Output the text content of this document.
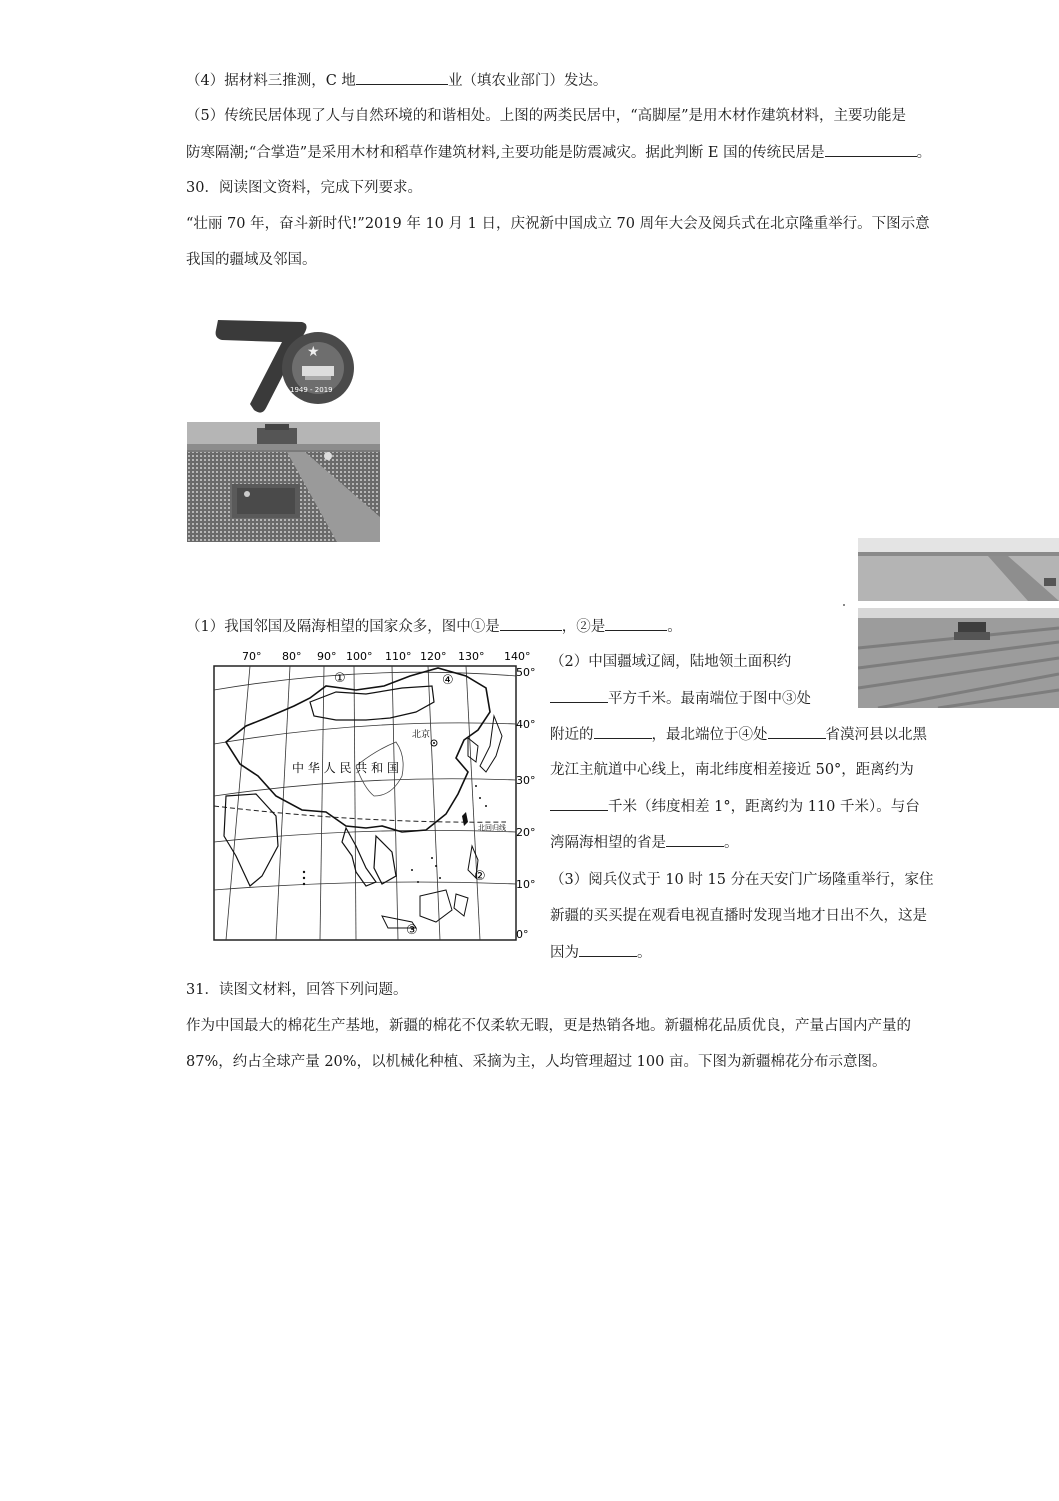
（4）据材料三推测，C 地	业（填农业部门）发达。
（5）传统民居体现了人与自然环境的和谐相处。上图的两类民居中，“高脚屋”是用木材作建筑材料，主要功能是
防寒隔潮;“合掌造”是采用木材和稻草作建筑材料,主要功能是防震减灾。据此判断 E 国的传统民居是	。
30．阅读图文资料，完成下列要求。
“壮丽 70 年，奋斗新时代!”2019 年 10 月 1 日，庆祝新中国成立 70 周年大会及阅兵式在北京隆重举行。下图示意
我国的疆域及邻国。
★
1949 - 2019
（1）我国邻国及隔海相望的国家众多，图中①是	，②是	。
70° 80° 90° 100° 110° 120° 130° 140°
50°
40°
30°
20°
10°
0°
北回归线
北京
中 华 人 民 共 和 国
①	④
②
③
（2）中国疆域辽阔，陆地领土面积约
平方千米。最南端位于图中③处
附近的	，最北端位于④处	省漠河县以北黑
龙江主航道中心线上，南北纬度相差接近 50°，距离约为
千米（纬度相差 1°，距离约为 110 千米）。与台
湾隔海相望的省是	。
（3）阅兵仪式于 10 时 15 分在天安门广场隆重举行，家住
新疆的买买提在观看电视直播时发现当地才日出不久，这是
因为	。
31．读图文材料，回答下列问题。
作为中国最大的棉花生产基地，新疆的棉花不仅柔软无暇，更是热销各地。新疆棉花品质优良，产量占国内产量的
87%，约占全球产量 20%，以机械化种植、采摘为主，人均管理超过 100 亩。下图为新疆棉花分布示意图。
